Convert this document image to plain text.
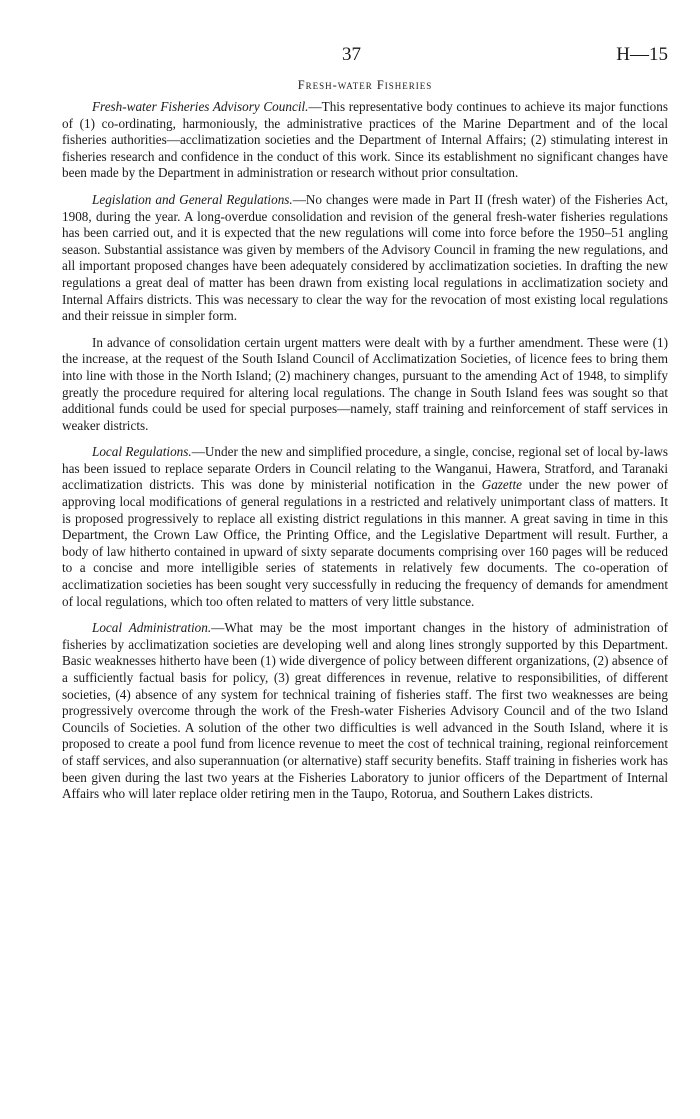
37	H—15
Fresh-water Fisheries

Fresh-water Fisheries Advisory Council.—This representative body continues to achieve its major functions of (1) co-ordinating, harmoniously, the administrative practices of the Marine Department and of the local fisheries authorities—acclimatization societies and the Department of Internal Affairs; (2) stimulating interest in fisheries research and confidence in the conduct of this work. Since its establishment no significant changes have been made by the Department in administration or research without prior consultation.

Legislation and General Regulations.—No changes were made in Part II (fresh water) of the Fisheries Act, 1908, during the year. A long-overdue consolidation and revision of the general fresh-water fisheries regulations has been carried out, and it is expected that the new regulations will come into force before the 1950–51 angling season. Substantial assistance was given by members of the Advisory Council in framing the new regulations, and all important proposed changes have been adequately considered by acclimatization societies. In drafting the new regulations a great deal of matter has been drawn from existing local regulations in acclimatization society and Internal Affairs districts. This was necessary to clear the way for the revocation of most existing local regulations and their reissue in simpler form.

In advance of consolidation certain urgent matters were dealt with by a further amendment. These were (1) the increase, at the request of the South Island Council of Acclimatization Societies, of licence fees to bring them into line with those in the North Island; (2) machinery changes, pursuant to the amending Act of 1948, to simplify greatly the procedure required for altering local regulations. The change in South Island fees was sought so that additional funds could be used for special purposes—namely, staff training and reinforcement of staff services in weaker districts.

Local Regulations.—Under the new and simplified procedure, a single, concise, regional set of local by-laws has been issued to replace separate Orders in Council relating to the Wanganui, Hawera, Stratford, and Taranaki acclimatization districts. This was done by ministerial notification in the Gazette under the new power of approving local modifications of general regulations in a restricted and relatively unimportant class of matters. It is proposed progressively to replace all existing district regulations in this manner. A great saving in time in this Department, the Crown Law Office, the Printing Office, and the Legislative Department will result. Further, a body of law hitherto contained in upward of sixty separate documents comprising over 160 pages will be reduced to a concise and more intelligible series of statements in relatively few documents. The co-operation of acclimatization societies has been sought very successfully in reducing the frequency of demands for amendment of local regulations, which too often related to matters of very little substance.

Local Administration.—What may be the most important changes in the history of administration of fisheries by acclimatization societies are developing well and along lines strongly supported by this Department. Basic weaknesses hitherto have been (1) wide divergence of policy between different organizations, (2) absence of a sufficiently factual basis for policy, (3) great differences in revenue, relative to responsibilities, of different societies, (4) absence of any system for technical training of fisheries staff. The first two weaknesses are being progressively overcome through the work of the Fresh-water Fisheries Advisory Council and of the two Island Councils of Societies. A solution of the other two difficulties is well advanced in the South Island, where it is proposed to create a pool fund from licence revenue to meet the cost of technical training, regional reinforcement of staff services, and also superannuation (or alternative) staff security benefits. Staff training in fisheries work has been given during the last two years at the Fisheries Laboratory to junior officers of the Department of Internal Affairs who will later replace older retiring men in the Taupo, Rotorua, and Southern Lakes districts.
